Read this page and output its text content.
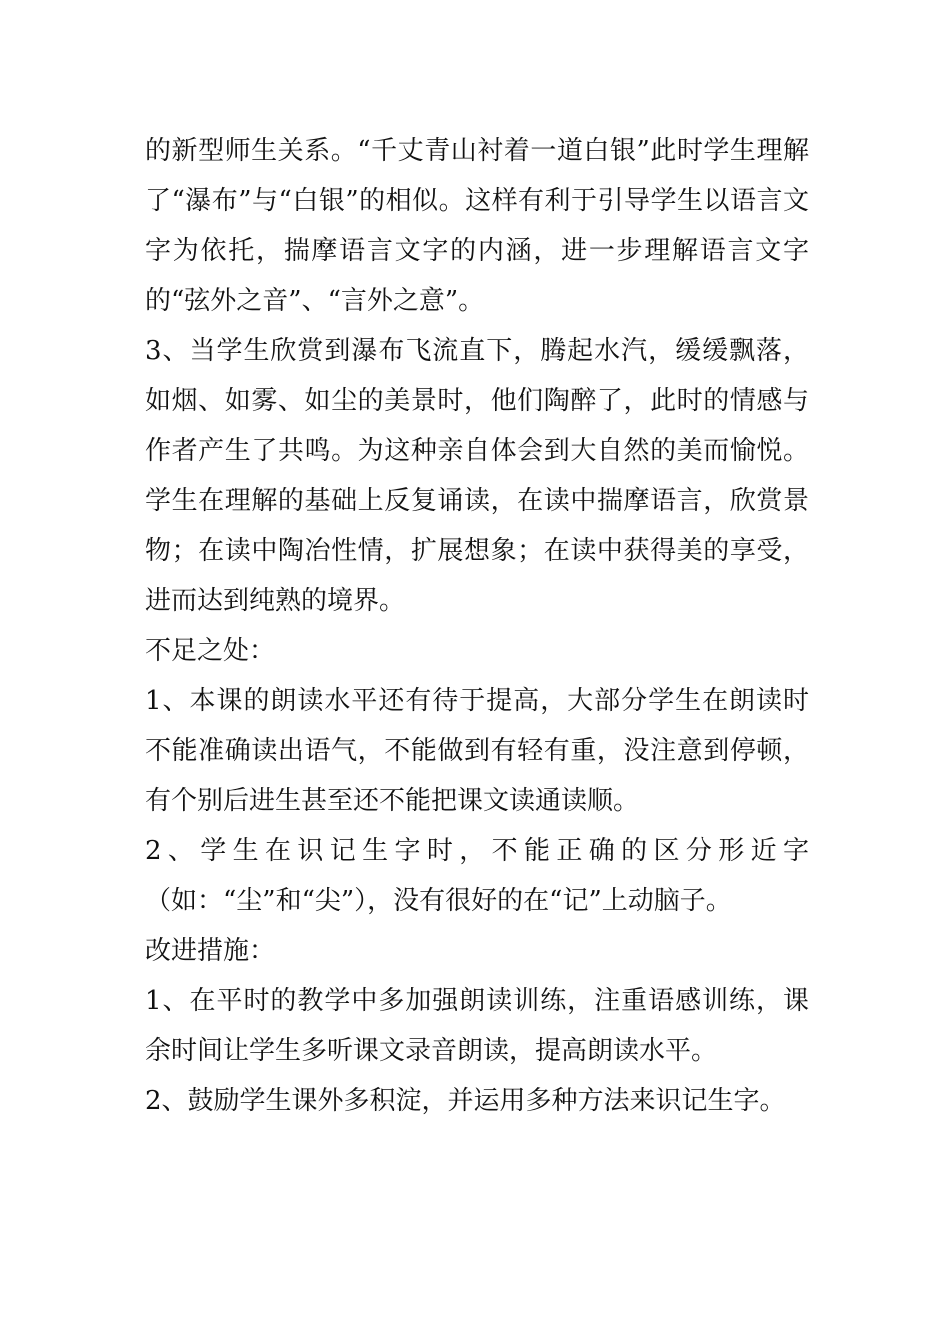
的新型师生关系。“千丈青山衬着一道白银”此时学生理解了“瀑布”与“白银”的相似。这样有利于引导学生以语言文字为依托，揣摩语言文字的内涵，进一步理解语言文字的“弦外之音”、“言外之意”。

3、当学生欣赏到瀑布飞流直下，腾起水汽，缓缓飘落，如烟、如雾、如尘的美景时，他们陶醉了，此时的情感与作者产生了共鸣。为这种亲自体会到大自然的美而愉悦。学生在理解的基础上反复诵读，在读中揣摩语言，欣赏景物；在读中陶冶性情，扩展想象；在读中获得美的享受，进而达到纯熟的境界。

不足之处：

1、本课的朗读水平还有待于提高，大部分学生在朗读时不能准确读出语气，不能做到有轻有重，没注意到停顿，有个别后进生甚至还不能把课文读通读顺。

2、学生在识记生字时，不能正确的区分形近字（如：“尘”和“尖”），没有很好的在“记”上动脑子。

改进措施：

1、在平时的教学中多加强朗读训练，注重语感训练，课余时间让学生多听课文录音朗读，提高朗读水平。

2、鼓励学生课外多积淀，并运用多种方法来识记生字。
